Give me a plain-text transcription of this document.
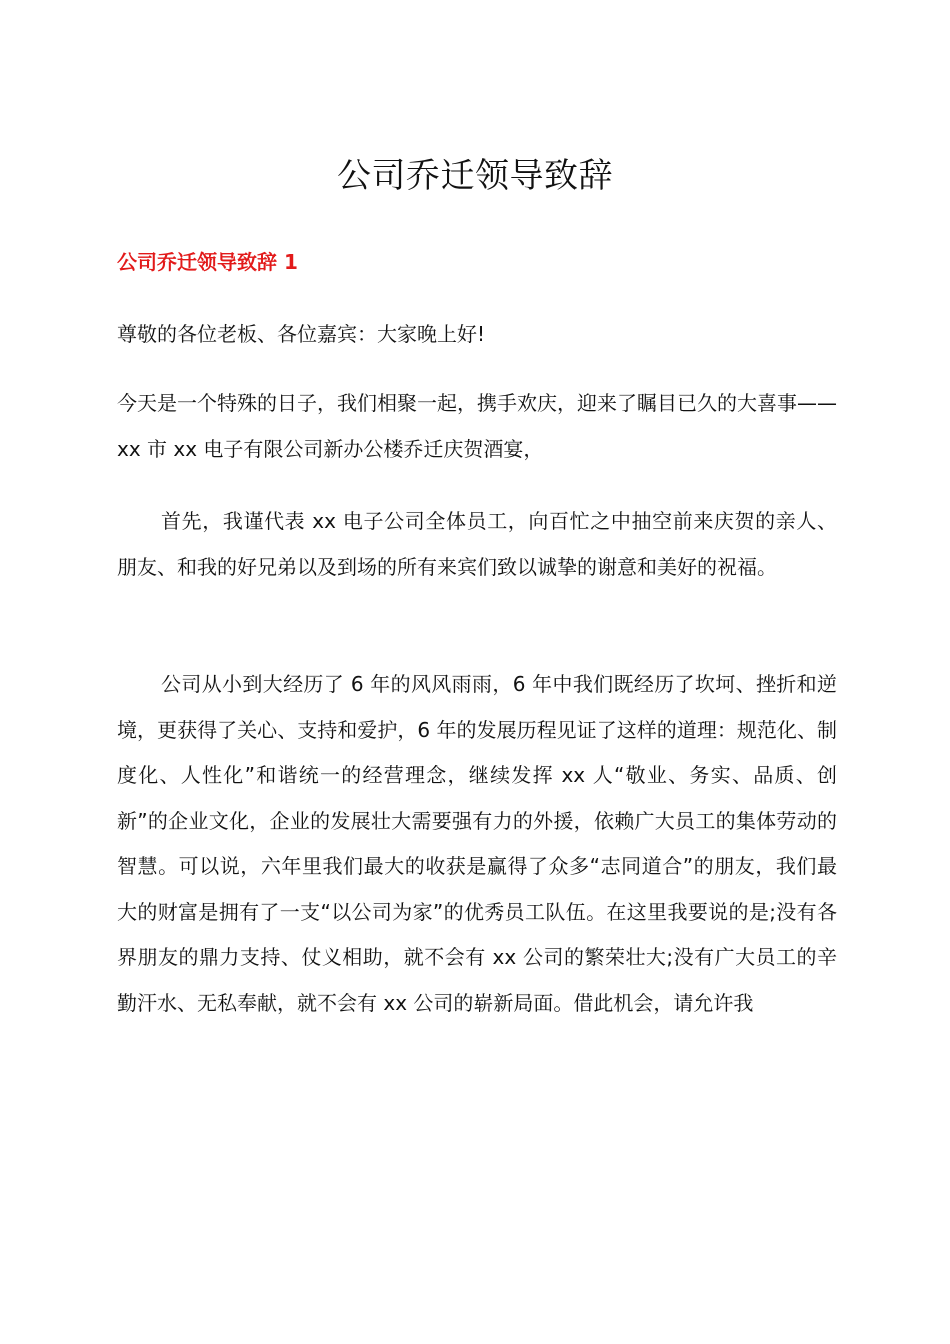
公司乔迁领导致辞
公司乔迁领导致辞 1

尊敬的各位老板、各位嘉宾：大家晚上好!

今天是一个特殊的日子，我们相聚一起，携手欢庆，迎来了瞩目已久的大喜事——xx 市 xx 电子有限公司新办公楼乔迁庆贺酒宴，

首先，我谨代表 xx 电子公司全体员工，向百忙之中抽空前来庆贺的亲人、朋友、和我的好兄弟以及到场的所有来宾们致以诚挚的谢意和美好的祝福。

公司从小到大经历了 6 年的风风雨雨，6 年中我们既经历了坎坷、挫折和逆境，更获得了关心、支持和爱护，6 年的发展历程见证了这样的道理：规范化、制度化、人性化”和谐统一的经营理念，继续发挥 xx 人“敬业、务实、品质、创新”的企业文化，企业的发展壮大需要强有力的外援，依赖广大员工的集体劳动的智慧。可以说，六年里我们最大的收获是赢得了众多“志同道合”的朋友，我们最大的财富是拥有了一支“以公司为家”的优秀员工队伍。在这里我要说的是;没有各界朋友的鼎力支持、仗义相助，就不会有 xx 公司的繁荣壮大;没有广大员工的辛勤汗水、无私奉献，就不会有 xx 公司的崭新局面。借此机会，请允许我
